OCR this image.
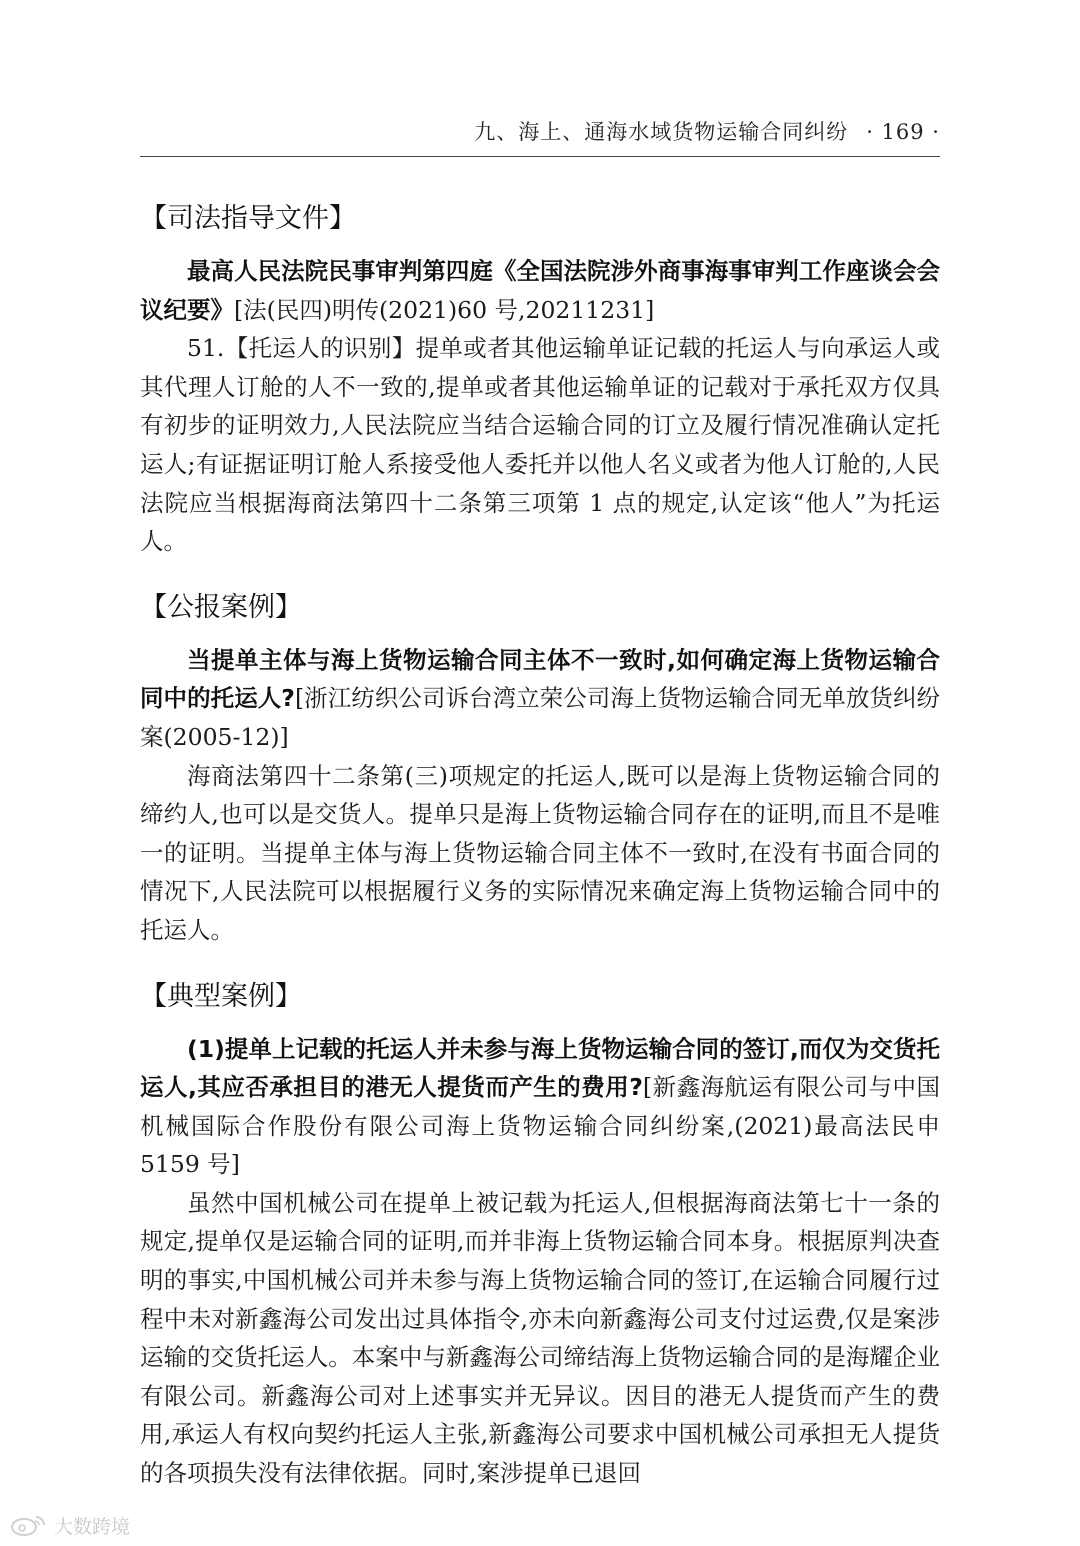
九、海上、通海水域货物运输合同纠纷 · 169 ·
【司法指导文件】

最高人民法院民事审判第四庭《全国法院涉外商事海事审判工作座谈会会议纪要》[法(民四)明传(2021)60 号,20211231]

51.【托运人的识别】提单或者其他运输单证记载的托运人与向承运人或其代理人订舱的人不一致的,提单或者其他运输单证的记载对于承托双方仅具有初步的证明效力,人民法院应当结合运输合同的订立及履行情况准确认定托运人;有证据证明订舱人系接受他人委托并以他人名义或者为他人订舱的,人民法院应当根据海商法第四十二条第三项第 1 点的规定,认定该“他人”为托运人。

【公报案例】

当提单主体与海上货物运输合同主体不一致时,如何确定海上货物运输合同中的托运人?[浙江纺织公司诉台湾立荣公司海上货物运输合同无单放货纠纷案(2005-12)]

海商法第四十二条第(三)项规定的托运人,既可以是海上货物运输合同的缔约人,也可以是交货人。提单只是海上货物运输合同存在的证明,而且不是唯一的证明。当提单主体与海上货物运输合同主体不一致时,在没有书面合同的情况下,人民法院可以根据履行义务的实际情况来确定海上货物运输合同中的托运人。

【典型案例】

(1)提单上记载的托运人并未参与海上货物运输合同的签订,而仅为交货托运人,其应否承担目的港无人提货而产生的费用?[新鑫海航运有限公司与中国机械国际合作股份有限公司海上货物运输合同纠纷案,(2021)最高法民申 5159 号]

虽然中国机械公司在提单上被记载为托运人,但根据海商法第七十一条的规定,提单仅是运输合同的证明,而并非海上货物运输合同本身。根据原判决查明的事实,中国机械公司并未参与海上货物运输合同的签订,在运输合同履行过程中未对新鑫海公司发出过具体指令,亦未向新鑫海公司支付过运费,仅是案涉运输的交货托运人。本案中与新鑫海公司缔结海上货物运输合同的是海耀企业有限公司。新鑫海公司对上述事实并无异议。因目的港无人提货而产生的费用,承运人有权向契约托运人主张,新鑫海公司要求中国机械公司承担无人提货的各项损失没有法律依据。同时,案涉提单已退回

大数跨境
